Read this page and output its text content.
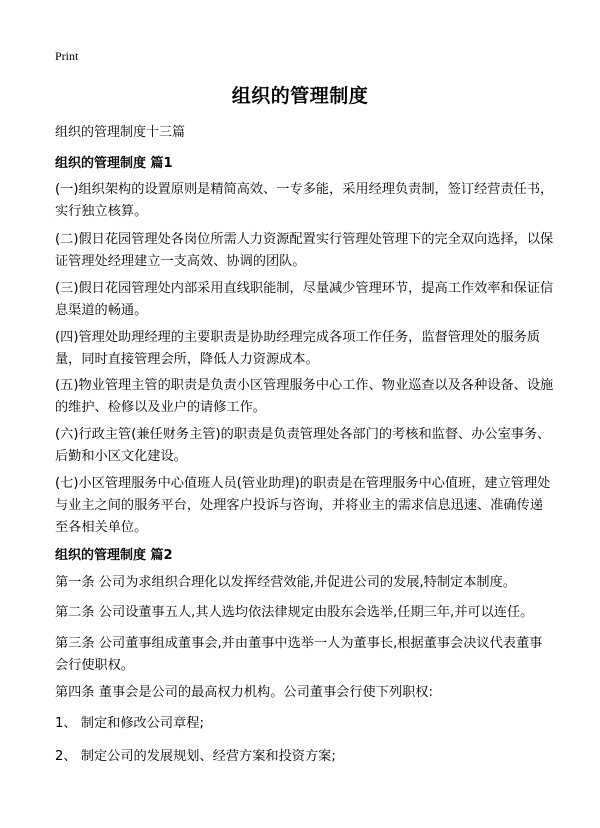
Print
组织的管理制度
组织的管理制度十三篇
组织的管理制度 篇1
(一)组织架构的设置原则是精简高效、一专多能，采用经理负责制，签订经营责任书，实行独立核算。
(二)假日花园管理处各岗位所需人力资源配置实行管理处管理下的完全双向选择，以保证管理处经理建立一支高效、协调的团队。
(三)假日花园管理处内部采用直线职能制，尽量减少管理环节，提高工作效率和保证信息渠道的畅通。
(四)管理处助理经理的主要职责是协助经理完成各项工作任务，监督管理处的服务质量，同时直接管理会所，降低人力资源成本。
(五)物业管理主管的职责是负责小区管理服务中心工作、物业巡查以及各种设备、设施的维护、检修以及业户的请修工作。
(六)行政主管(兼任财务主管)的职责是负责管理处各部门的考核和监督、办公室事务、后勤和小区文化建设。
(七)小区管理服务中心值班人员(管业助理)的职责是在管理服务中心值班，建立管理处与业主之间的服务平台，处理客户投诉与咨询，并将业主的需求信息迅速、准确传递至各相关单位。
组织的管理制度 篇2
第一条 公司为求组织合理化以发挥经营效能,并促进公司的发展,特制定本制度。
第二条 公司设董事五人,其人选均依法律规定由股东会选举,任期三年,并可以连任。
第三条 公司董事组成董事会,并由董事中选举一人为董事长,根据董事会决议代表董事会行使职权。
第四条 董事会是公司的最高权力机构。公司董事会行使下列职权:
1、 制定和修改公司章程;
2、 制定公司的发展规划、经营方案和投资方案;
